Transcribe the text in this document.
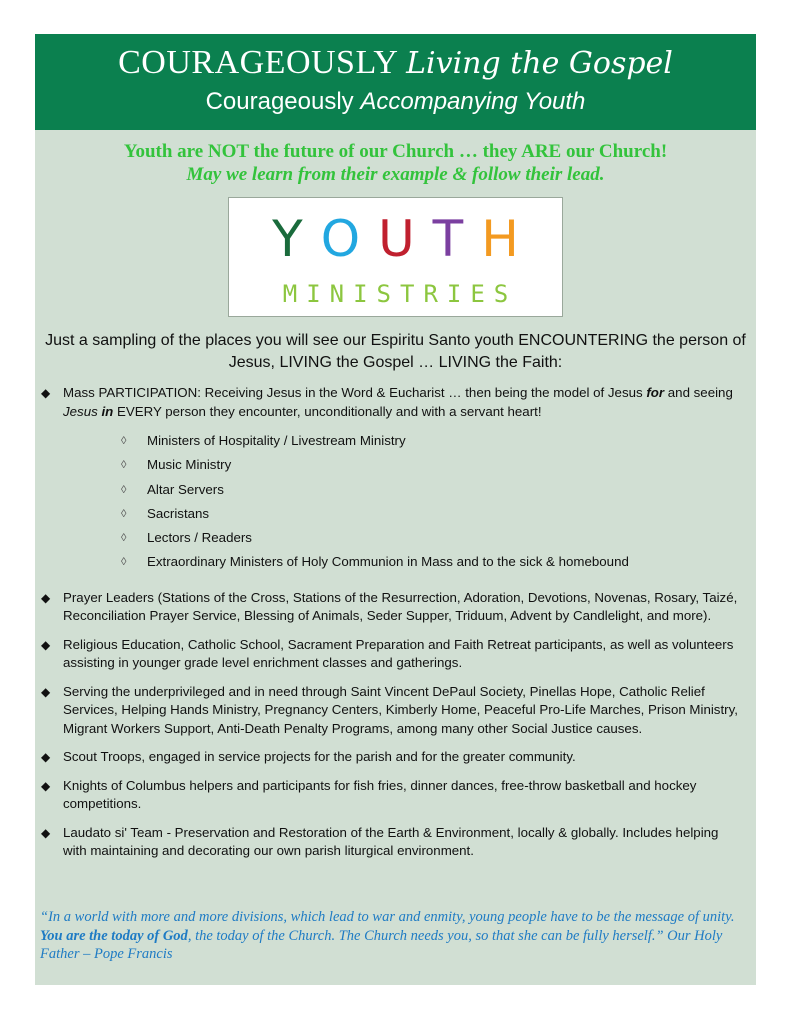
COURAGEOUSLY Living the Gospel
Courageously Accompanying Youth
Youth are NOT the future of our Church … they ARE our Church!
May we learn from their example & follow their lead.
YOUTH
MINISTRIES
Just a sampling of the places you will see our Espiritu Santo youth ENCOUNTERING the person of
Jesus, LIVING the Gospel … LIVING the Faith:
◆ Mass PARTICIPATION: Receiving Jesus in the Word & Eucharist … then being the model of Jesus for and seeing Jesus in EVERY person they encounter, unconditionally and with a servant heart!
◊ Ministers of Hospitality / Livestream Ministry
◊ Music Ministry
◊ Altar Servers
◊ Sacristans
◊ Lectors / Readers
◊ Extraordinary Ministers of Holy Communion in Mass and to the sick & homebound
◆ Prayer Leaders (Stations of the Cross, Stations of the Resurrection, Adoration, Devotions, Novenas, Rosary, Taizé, Reconciliation Prayer Service, Blessing of Animals, Seder Supper, Triduum, Advent by Candlelight, and more).
◆ Religious Education, Catholic School, Sacrament Preparation and Faith Retreat participants, as well as volunteers assisting in younger grade level enrichment classes and gatherings.
◆ Serving the underprivileged and in need through Saint Vincent DePaul Society, Pinellas Hope, Catholic Relief Services, Helping Hands Ministry, Pregnancy Centers, Kimberly Home, Peaceful Pro-Life Marches, Prison Ministry, Migrant Workers Support, Anti-Death Penalty Programs, among many other Social Justice causes.
◆ Scout Troops, engaged in service projects for the parish and for the greater community.
◆ Knights of Columbus helpers and participants for fish fries, dinner dances, free-throw basketball and hockey competitions.
◆ Laudato si' Team - Preservation and Restoration of the Earth & Environment, locally & globally. Includes helping with maintaining and decorating our own parish liturgical environment.
“In a world with more and more divisions, which lead to war and enmity, young people have to be the message of unity. You are the today of God, the today of the Church. The Church needs you, so that she can be fully herself.” Our Holy Father – Pope Francis
